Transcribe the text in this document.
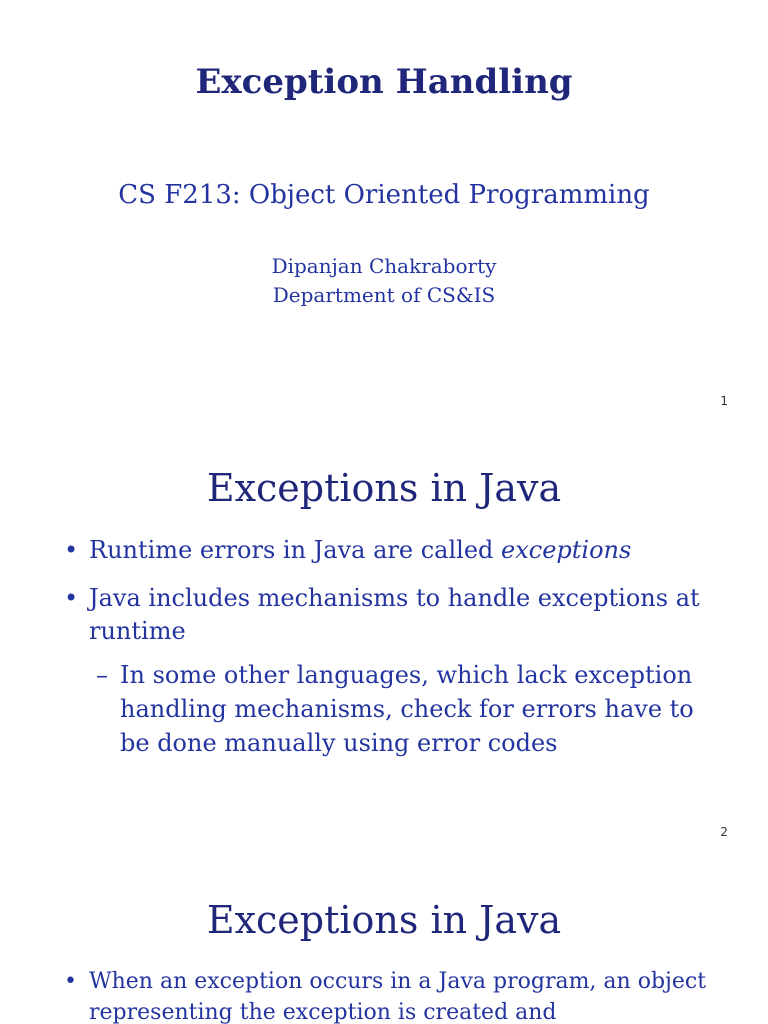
Exception Handling
CS F213: Object Oriented Programming
Dipanjan Chakraborty
Department of CS&IS
1
Exceptions in Java
• Runtime errors in Java are called exceptions
• Java includes mechanisms to handle exceptions at runtime
– In some other languages, which lack exception handling mechanisms, check for errors have to be done manually using error codes
2
Exceptions in Java
• When an exception occurs in a Java program, an object representing the exception is created and
